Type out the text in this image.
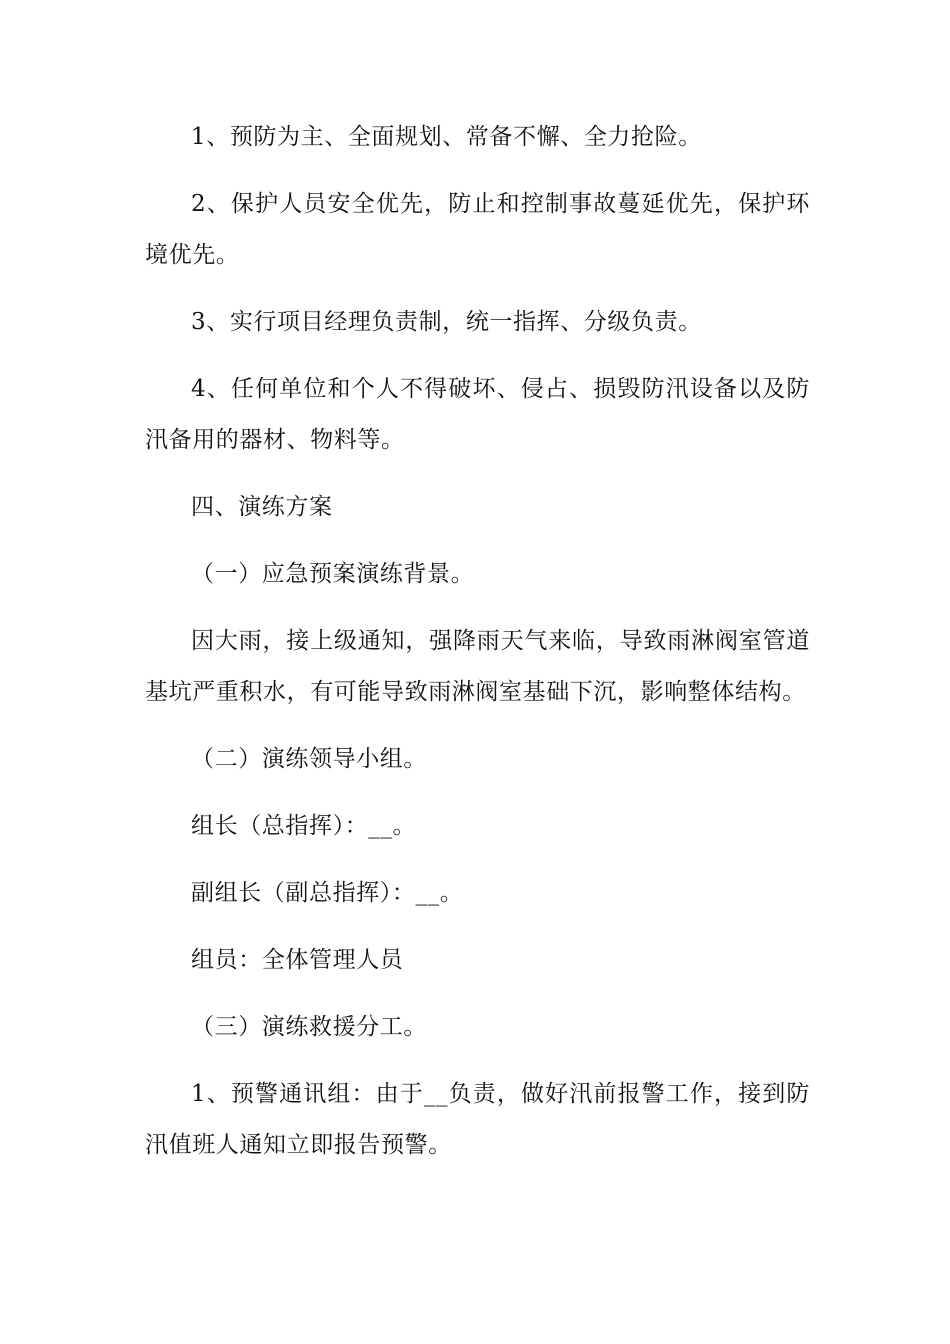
1、预防为主、全面规划、常备不懈、全力抢险。

2、保护人员安全优先，防止和控制事故蔓延优先，保护环境优先。

3、实行项目经理负责制，统一指挥、分级负责。

4、任何单位和个人不得破坏、侵占、损毁防汛设备以及防汛备用的器材、物料等。

四、演练方案

（一）应急预案演练背景。

因大雨，接上级通知，强降雨天气来临，导致雨淋阀室管道基坑严重积水，有可能导致雨淋阀室基础下沉，影响整体结构。

（二）演练领导小组。

组长（总指挥）：__。

副组长（副总指挥）：__。

组员：全体管理人员

（三）演练救援分工。

1、预警通讯组：由于__负责，做好汛前报警工作，接到防汛值班人通知立即报告预警。
